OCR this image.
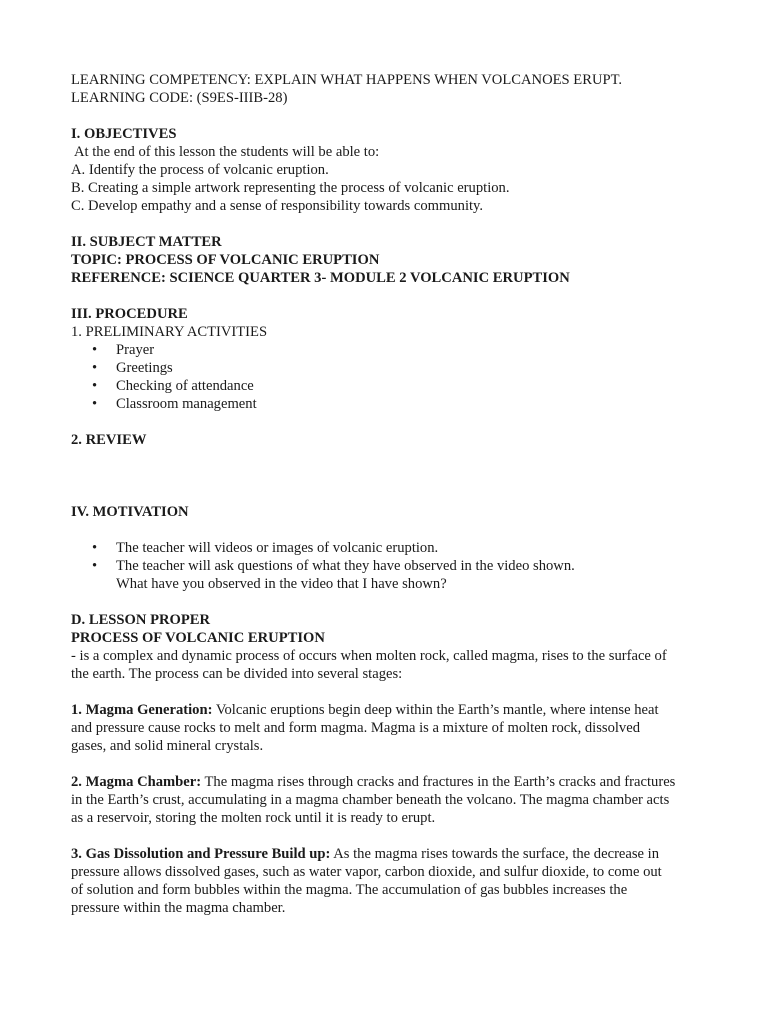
LEARNING COMPETENCY: EXPLAIN WHAT HAPPENS WHEN VOLCANOES ERUPT.
LEARNING CODE: (S9ES-IIIB-28)
I. OBJECTIVES
At the end of this lesson the students will be able to:
A. Identify the process of volcanic eruption.
B. Creating a simple artwork representing the process of volcanic eruption.
C. Develop empathy and a sense of responsibility towards community.
II. SUBJECT MATTER
TOPIC: PROCESS OF VOLCANIC ERUPTION
REFERENCE: SCIENCE QUARTER 3- MODULE 2 VOLCANIC ERUPTION
III. PROCEDURE
1. PRELIMINARY ACTIVITIES
• Prayer
• Greetings
• Checking of attendance
• Classroom management
2. REVIEW
IV. MOTIVATION
• The teacher will videos or images of volcanic eruption.
• The teacher will ask questions of what they have observed in the video shown.
What have you observed in the video that I have shown?
D. LESSON PROPER
PROCESS OF VOLCANIC ERUPTION
- is a complex and dynamic process of occurs when molten rock, called magma, rises to the surface of
the earth. The process can be divided into several stages:
1. Magma Generation: Volcanic eruptions begin deep within the Earth’s mantle, where intense heat
and pressure cause rocks to melt and form magma. Magma is a mixture of molten rock, dissolved
gases, and solid mineral crystals.
2. Magma Chamber: The magma rises through cracks and fractures in the Earth’s cracks and fractures
in the Earth’s crust, accumulating in a magma chamber beneath the volcano. The magma chamber acts
as a reservoir, storing the molten rock until it is ready to erupt.
3. Gas Dissolution and Pressure Build up: As the magma rises towards the surface, the decrease in
pressure allows dissolved gases, such as water vapor, carbon dioxide, and sulfur dioxide, to come out
of solution and form bubbles within the magma. The accumulation of gas bubbles increases the
pressure within the magma chamber.
